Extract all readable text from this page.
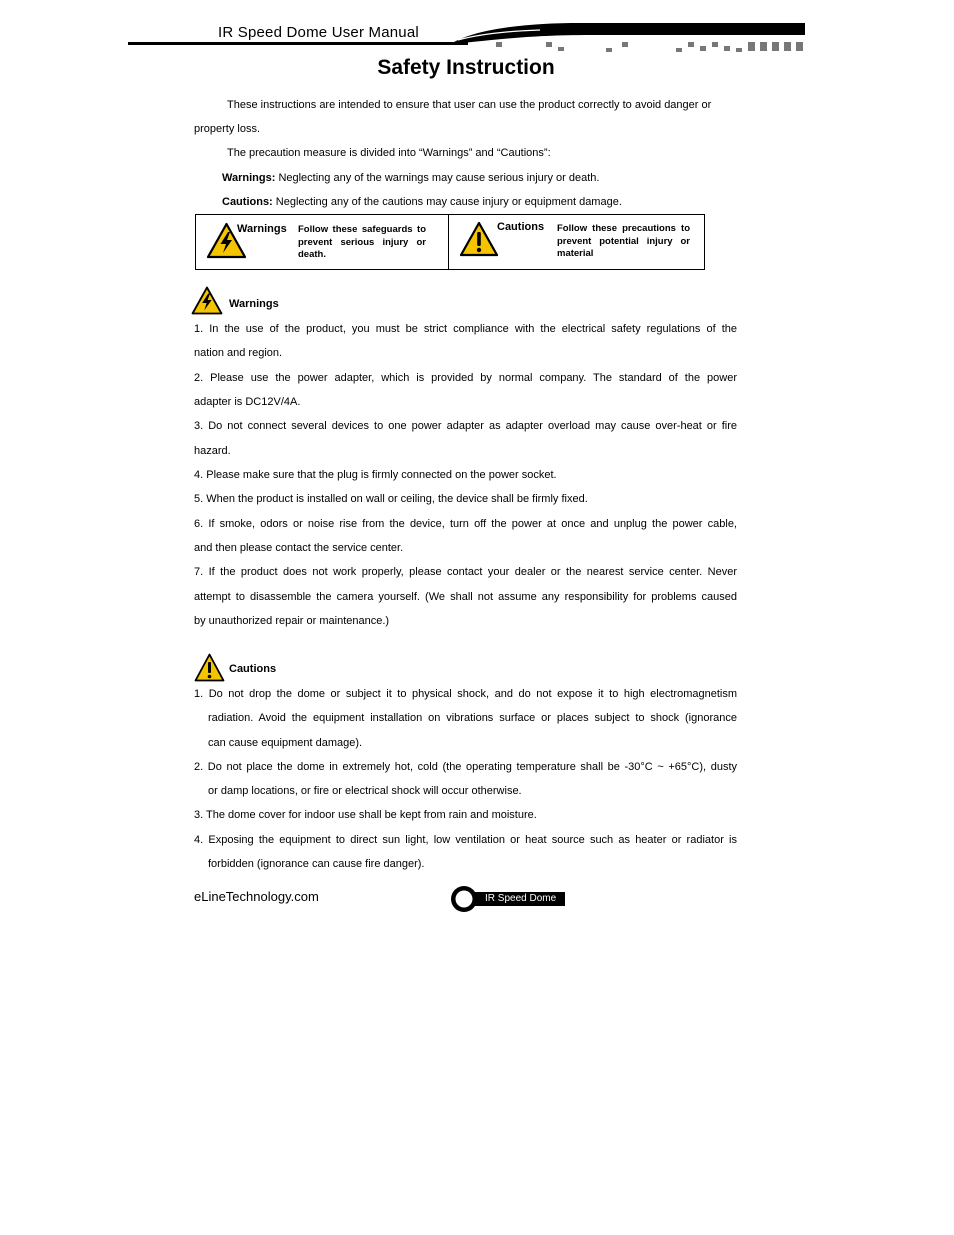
IR Speed Dome User Manual
Safety Instruction
These instructions are intended to ensure that user can use the product correctly to avoid danger or
property loss.
The precaution measure is divided into “Warnings” and “Cautions”:
Warnings: Neglecting any of the warnings may cause serious injury or death.
Cautions: Neglecting any of the cautions may cause injury or equipment damage.
Warnings Follow these safeguards to prevent serious injury or death.
Cautions Follow these precautions to prevent potential injury or material
Warnings
1. In the use of the product, you must be strict compliance with the electrical safety regulations of the
nation and region.
2. Please use the power adapter, which is provided by normal company. The standard of the power
adapter is DC12V/4A.
3. Do not connect several devices to one power adapter as adapter overload may cause over-heat or fire
hazard.
4. Please make sure that the plug is firmly connected on the power socket.
5. When the product is installed on wall or ceiling, the device shall be firmly fixed.
6. If smoke, odors or noise rise from the device, turn off the power at once and unplug the power cable,
and then please contact the service center.
7. If the product does not work properly, please contact your dealer or the nearest service center. Never
attempt to disassemble the camera yourself. (We shall not assume any responsibility for problems caused
by unauthorized repair or maintenance.)
Cautions
1. Do not drop the dome or subject it to physical shock, and do not expose it to high electromagnetism
radiation. Avoid the equipment installation on vibrations surface or places subject to shock (ignorance
can cause equipment damage).
2. Do not place the dome in extremely hot, cold (the operating temperature shall be -30°C ~ +65°C), dusty
or damp locations, or fire or electrical shock will occur otherwise.
3. The dome cover for indoor use shall be kept from rain and moisture.
4. Exposing the equipment to direct sun light, low ventilation or heat source such as heater or radiator is
forbidden (ignorance can cause fire danger).
eLineTechnology.com	IR Speed Dome
